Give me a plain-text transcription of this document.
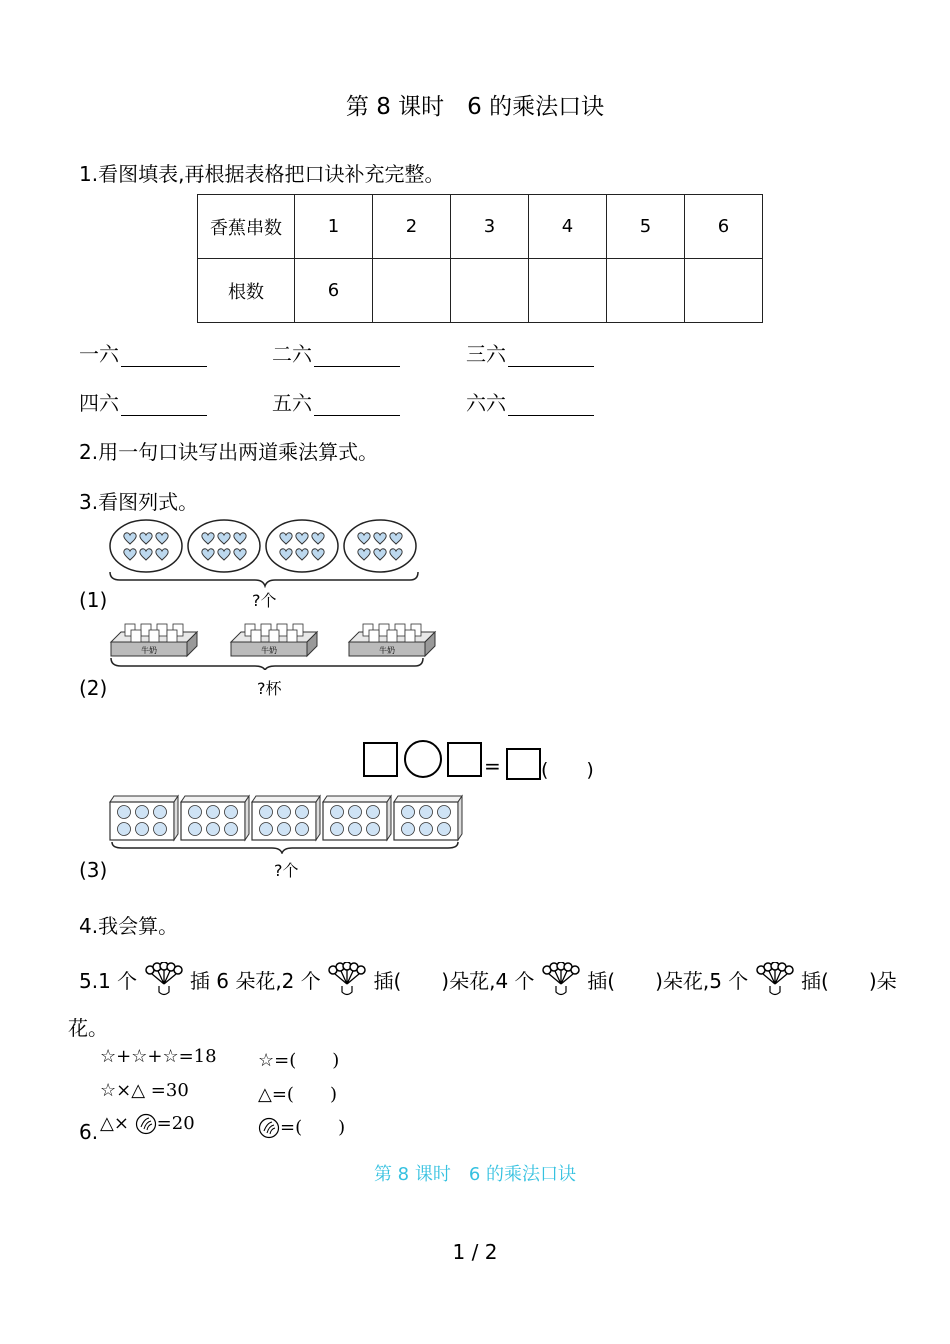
第 8 课时　6 的乘法口诀
1.看图填表,再根据表格把口诀补充完整。
香蕉串数	1	2	3	4	5	6
根数	6					
一六	二六	三六
四六	五六	六六
2.用一句口诀写出两道乘法算式。
3.看图列式。
(1)	?个
牛奶	牛奶	牛奶
(2)	?杯
= (　　)
(3)	?个
4.我会算。
5.1 个	插 6 朵花,2 个	插(　　)朵花,4 个	插(　　)朵花,5 个	插(　　)朵
花。
☆+☆+☆=18 ☆=(　　)
☆×△ =30	△=(　　)
6. △× =20	=(　　)
第 8 课时　6 的乘法口诀
1 / 2
